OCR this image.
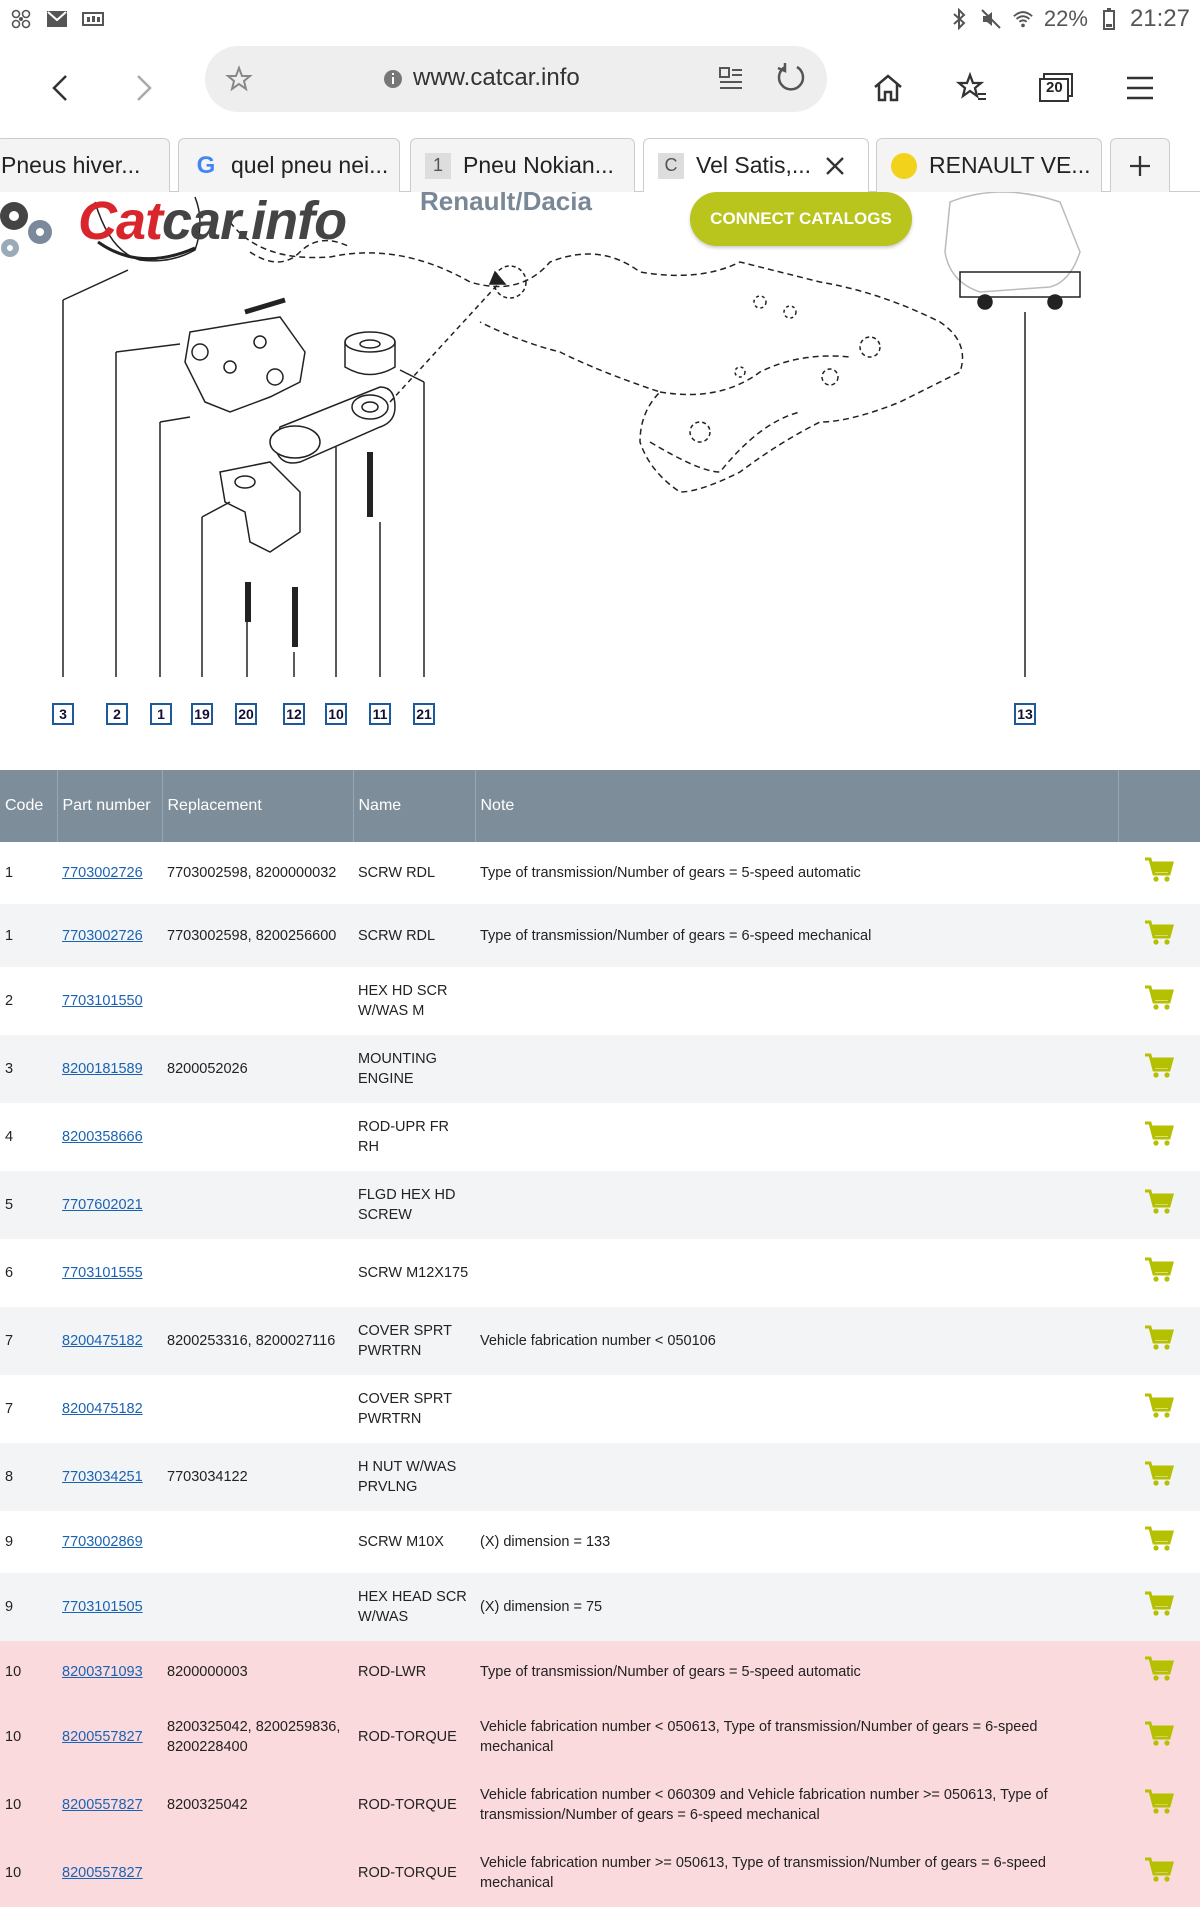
22% 21:27
www.catcar.info	20
Pneus hiver... G quel pneu nei...	1 Pneu Nokian...	C Vel Satis,...	RENAULT VE...
Catcar.info	Renault/Dacia
CONNECT CATALOGS
3	2	1	19 20 12 10 11 21	13
Code	Part number	Replacement	Name	Note	
1	7703002726	7703002598, 8200000032	SCRW RDL	Type of transmission/Number of gears = 5-speed automatic	
1	7703002726	7703002598, 8200256600	SCRW RDL	Type of transmission/Number of gears = 6-speed mechanical	
2	7703101550		HEX HD SCR W/WAS M		
3	8200181589	8200052026	MOUNTING ENGINE		
4	8200358666		ROD-UPR FR RH		
5	7707602021		FLGD HEX HD SCREW		
6	7703101555		SCRW M12X175		
7	8200475182	8200253316, 8200027116	COVER SPRT PWRTRN	Vehicle fabrication number < 050106	
7	8200475182		COVER SPRT PWRTRN		
8	7703034251	7703034122	H NUT W/WAS PRVLNG		
9	7703002869		SCRW M10X	(X) dimension = 133	
9	7703101505		HEX HEAD SCR W/WAS	(X) dimension = 75	
10	8200371093	8200000003	ROD-LWR	Type of transmission/Number of gears = 5-speed automatic	
10	8200557827	8200325042, 8200259836, 8200228400	ROD-TORQUE	Vehicle fabrication number < 050613, Type of transmission/Number of gears = 6-speed mechanical	
10	8200557827	8200325042	ROD-TORQUE	Vehicle fabrication number < 060309 and Vehicle fabrication number >= 050613, Type of transmission/Number of gears = 6-speed mechanical	
10	8200557827		ROD-TORQUE	Vehicle fabrication number >= 050613, Type of transmission/Number of gears = 6-speed mechanical	
